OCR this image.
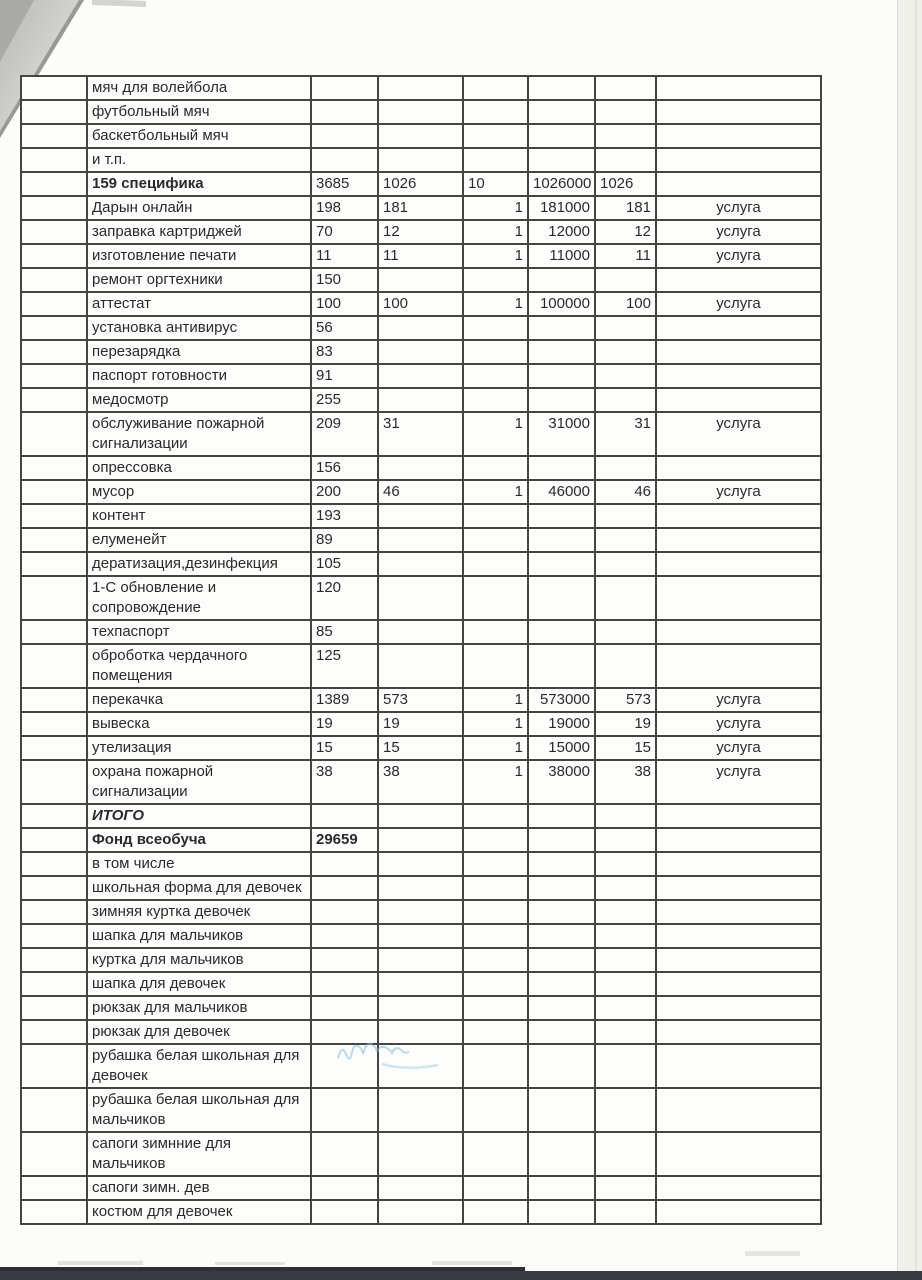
	мяч для волейбола						
	футбольный мяч						
	баскетбольный мяч						
	и т.п.						
	159 специфика	3685	1026	10	1026000	1026	
	Дарын онлайн	198	181	1	181000	181	услуга
	заправка картриджей	70	12	1	12000	12	услуга
	изготовление печати	11	11	1	11000	11	услуга
	ремонт оргтехники	150					
	аттестат	100	100	1	100000	100	услуга
	установка антивирус	56					
	перезарядка	83					
	паспорт готовности	91					
	медосмотр	255					
	обслуживание пожарной
сигнализации	209	31	1	31000	31	услуга
	опрессовка	156					
	мусор	200	46	1	46000	46	услуга
	контент	193					
	елуменейт	89					
	дератизация,дезинфекция	105					
	1-С обновление и
сопровождение	120					
	техпаспорт	85					
	оброботка чердачного
помещения	125					
	перекачка	1389	573	1	573000	573	услуга
	вывеска	19	19	1	19000	19	услуга
	утелизация	15	15	1	15000	15	услуга
	охрана пожарной
сигнализации	38	38	1	38000	38	услуга
	ИТОГО						
	Фонд всеобуча	29659					
	в том числе						
	школьная форма для девочек						
	зимняя куртка девочек						
	шапка для мальчиков						
	куртка для мальчиков						
	шапка для девочек						
	рюкзак для мальчиков						
	рюкзак для девочек						
	рубашка белая школьная для
девочек						
	рубашка белая школьная для
мальчиков						
	сапоги зимнние для
мальчиков						
	сапоги зимн. дев						
	костюм для девочек						
